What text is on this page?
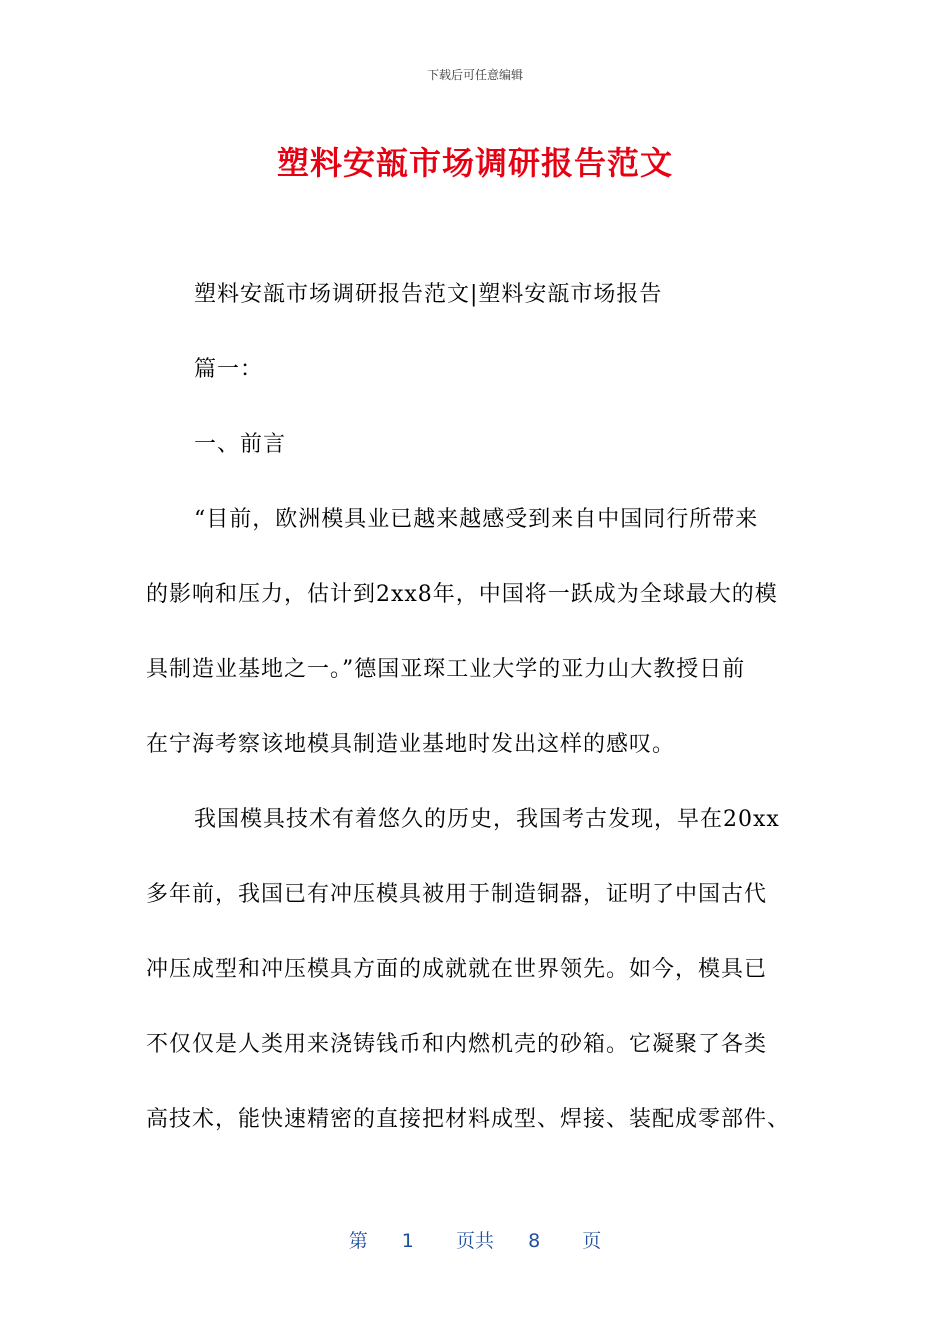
下载后可任意编辑
塑料安瓿市场调研报告范文
塑料安瓿市场调研报告范文|塑料安瓿市场报告
篇一：
一、前言
“目前，欧洲模具业已越来越感受到来自中国同行所带来
的影响和压力，估计到2xx8年，中国将一跃成为全球最大的模
具制造业基地之一。”德国亚琛工业大学的亚力山大教授日前
在宁海考察该地模具制造业基地时发出这样的感叹。
我国模具技术有着悠久的历史，我国考古发现，早在20xx
多年前，我国已有冲压模具被用于制造铜器，证明了中国古代
冲压成型和冲压模具方面的成就就在世界领先。如今，模具已
不仅仅是人类用来浇铸钱币和内燃机壳的砂箱。它凝聚了各类
高技术，能快速精密的直接把材料成型、焊接、装配成零部件、
第 1 页共 8 页
